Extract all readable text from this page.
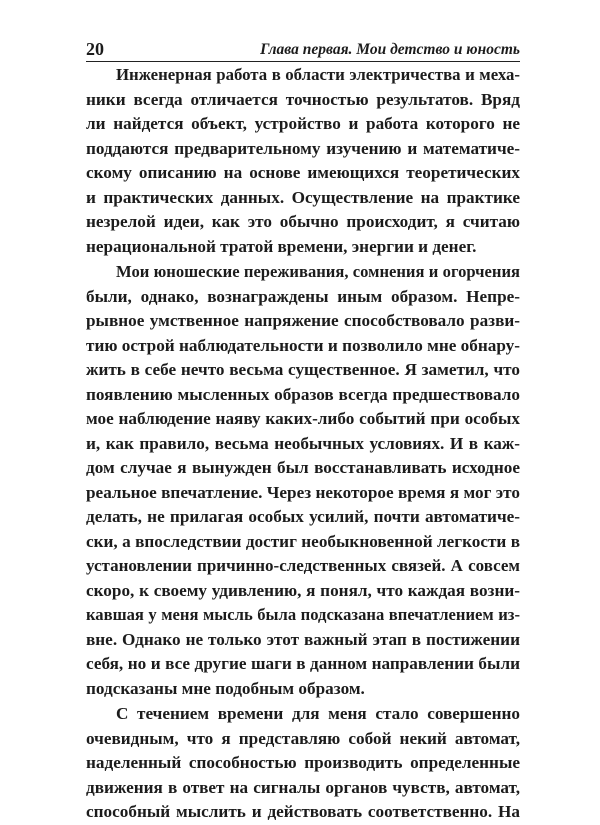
20	Глава первая. Мои детство и юность

Инженерная работа в области электричества и меха-
ники всегда отличается точностью результатов. Вряд
ли найдется объект, устройство и работа которого не
поддаются предварительному изучению и математиче-
скому описанию на основе имеющихся теоретических
и практических данных. Осуществление на практике
незрелой идеи, как это обычно происходит, я считаю
нерациональной тратой времени, энергии и денег.

Мои юношеские переживания, сомнения и огорчения
были, однако, вознаграждены иным образом. Непре-
рывное умственное напряжение способствовало разви-
тию острой наблюдательности и позволило мне обнару-
жить в себе нечто весьма существенное. Я заметил, что
появлению мысленных образов всегда предшествовало
мое наблюдение наяву каких-либо событий при особых
и, как правило, весьма необычных условиях. И в каж-
дом случае я вынужден был восстанавливать исходное
реальное впечатление. Через некоторое время я мог это
делать, не прилагая особых усилий, почти автоматиче-
ски, а впоследствии достиг необыкновенной легкости в
установлении причинно-следственных связей. А совсем
скоро, к своему удивлению, я понял, что каждая возни-
кавшая у меня мысль была подсказана впечатлением из-
вне. Однако не только этот важный этап в постижении
себя, но и все другие шаги в данном направлении были
подсказаны мне подобным образом.

С течением времени для меня стало совершенно
очевидным, что я представляю собой некий автомат,
наделенный способностью производить определенные
движения в ответ на сигналы органов чувств, автомат,
способный мыслить и действовать соответственно. На
